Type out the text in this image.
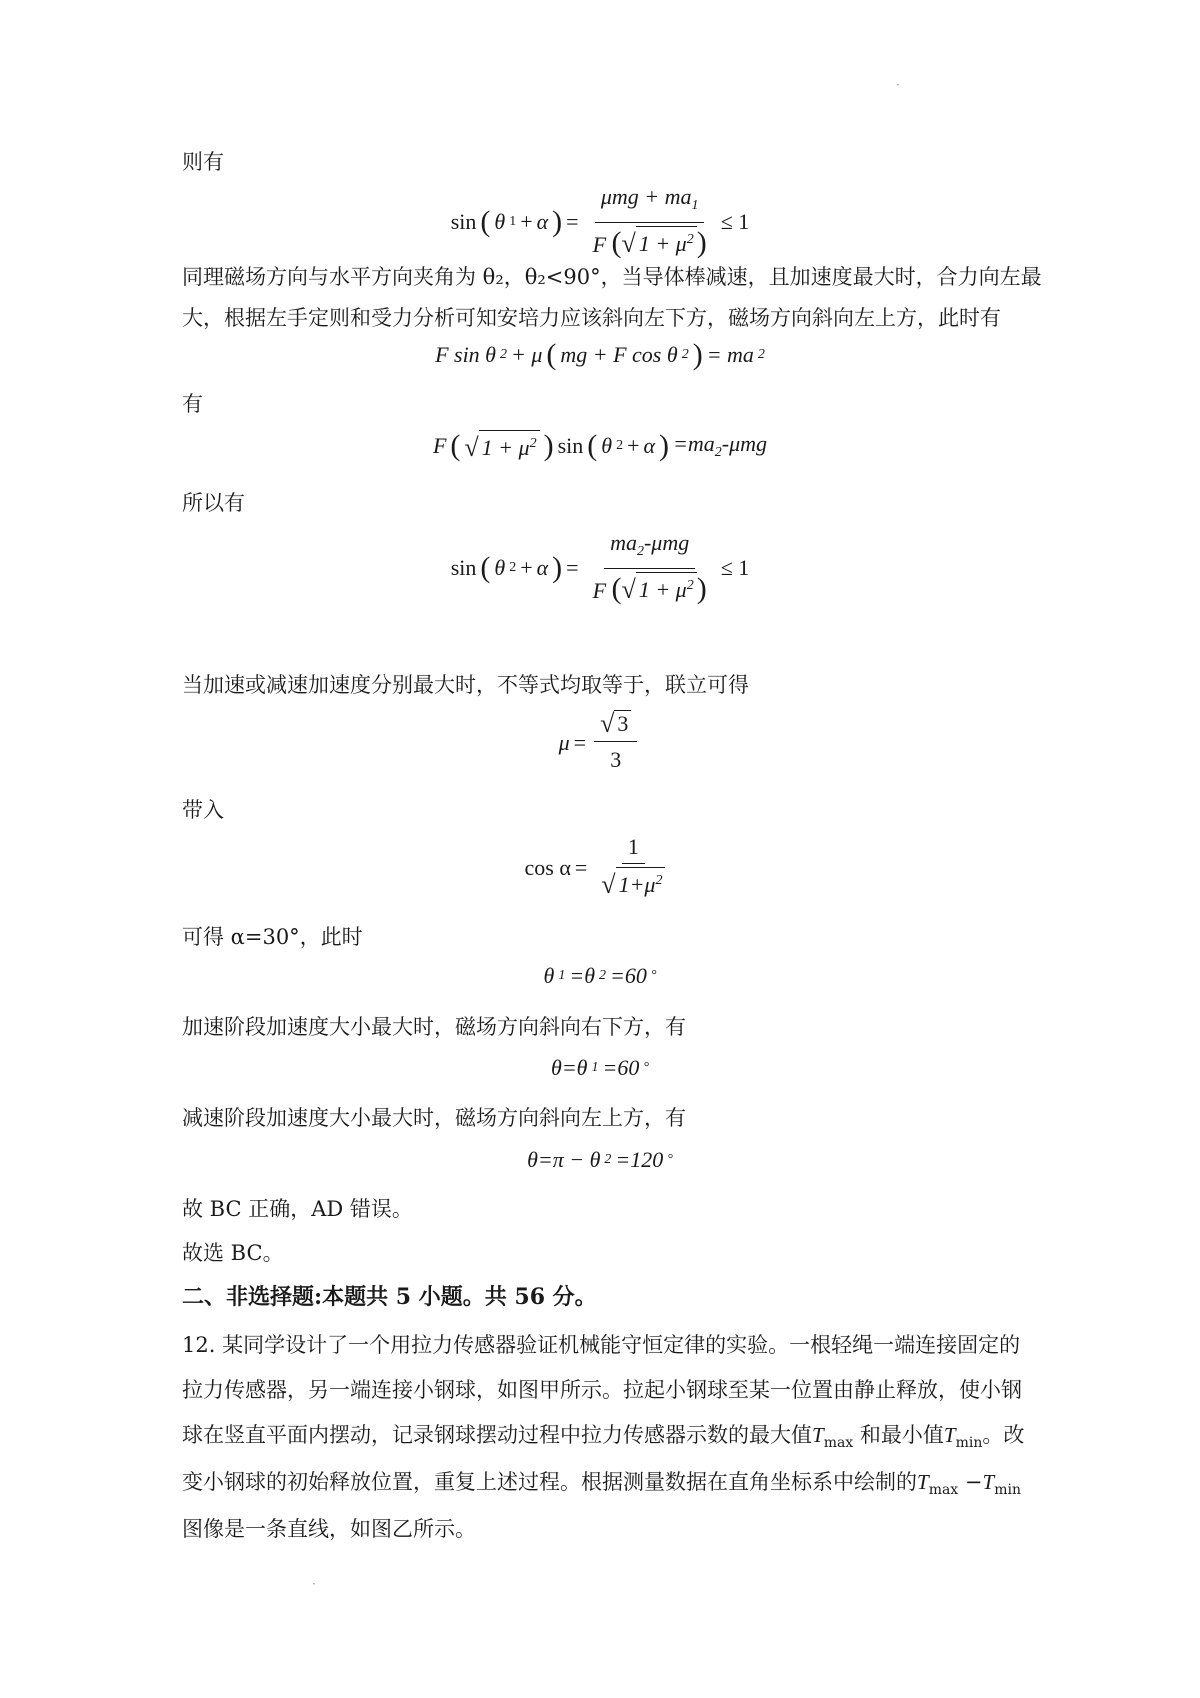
·
则有
sin ( θ 1 + α ) = $\frac{\mu mg + ma_1}{F ( √ 1 + \mu^2 )} \le 1$
同理磁场方向与水平方向夹角为 θ₂，θ₂<90°，当导体棒减速，且加速度最大时，合力向左最
大，根据左手定则和受力分析可知安培力应该斜向左下方，磁场方向斜向左上方，此时有
F sin θ 2 + μ ( mg + F cos θ 2 ) = ma 2
有
F ( √ $1 + \mu^2$ ) sin ( θ 2 + α ) $=ma_2$-μmg
所以有
sin ( θ 2 + α ) = $\frac{ma_2-\mu mg}{F ( √ 1 + \mu^2 )} \le 1$
当加速或减速加速度分别最大时，不等式均取等于，联立可得
$\mu = \frac{√ 3}{3}$
带入
$\cos \alpha = \frac{1}{√ 1+\mu^2}$
可得 α=30°，此时
θ 1 =θ 2 =60 °
加速阶段加速度大小最大时，磁场方向斜向右下方，有
θ=θ 1 =60 °
减速阶段加速度大小最大时，磁场方向斜向左上方，有
θ=π − θ 2 =120 °
故 BC 正确，AD 错误。
故选 BC。
二、非选择题:本题共 5 小题。共 56 分。
12. 某同学设计了一个用拉力传感器验证机械能守恒定律的实验。一根轻绳一端连接固定的
拉力传感器，另一端连接小钢球，如图甲所示。拉起小钢球至某一位置由静止释放，使小钢
球在竖直平面内摆动，记录钢球摆动过程中拉力传感器示数的最大值$T_{max}$ 和最小值$T_{min}$。改
变小钢球的初始释放位置，重复上述过程。根据测量数据在直角坐标系中绘制的$T_{max} -T_{min}$
图像是一条直线，如图乙所示。
·
